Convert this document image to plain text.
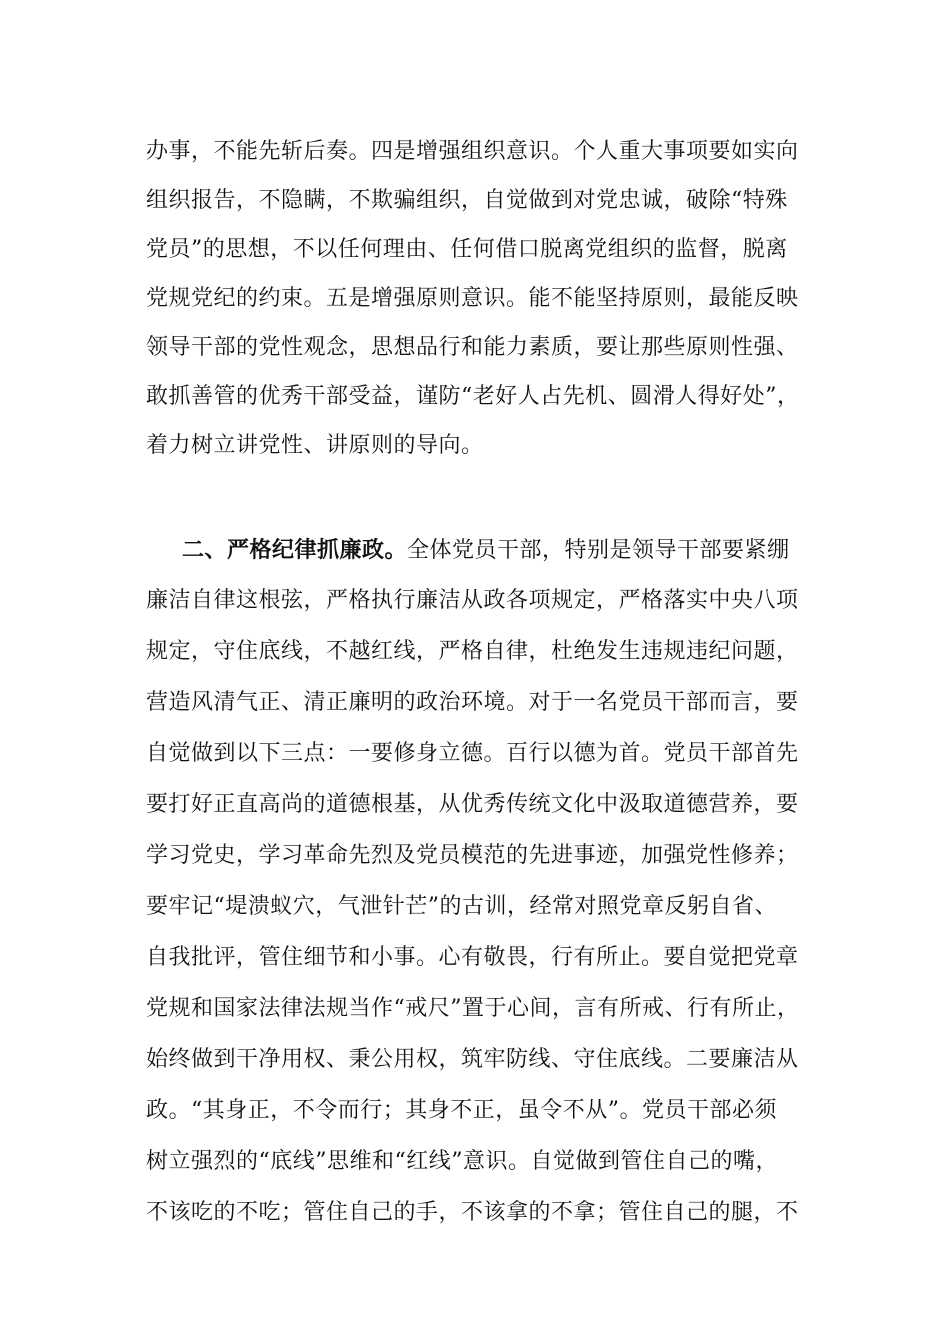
办事，不能先斩后奏。四是增强组织意识。个人重大事项要如实向
组织报告，不隐瞒，不欺骗组织，自觉做到对党忠诚，破除“特殊
党员”的思想，不以任何理由、任何借口脱离党组织的监督，脱离
党规党纪的约束。五是增强原则意识。能不能坚持原则，最能反映
领导干部的党性观念，思想品行和能力素质，要让那些原则性强、
敢抓善管的优秀干部受益，谨防“老好人占先机、圆滑人得好处”，
着力树立讲党性、讲原则的导向。
二、严格纪律抓廉政。全体党员干部，特别是领导干部要紧绷
廉洁自律这根弦，严格执行廉洁从政各项规定，严格落实中央八项
规定，守住底线，不越红线，严格自律，杜绝发生违规违纪问题，
营造风清气正、清正廉明的政治环境。对于一名党员干部而言，要
自觉做到以下三点：一要修身立德。百行以德为首。党员干部首先
要打好正直高尚的道德根基，从优秀传统文化中汲取道德营养，要
学习党史，学习革命先烈及党员模范的先进事迹，加强党性修养；
要牢记“堤溃蚁穴，气泄针芒”的古训，经常对照党章反躬自省、
自我批评，管住细节和小事。心有敬畏，行有所止。要自觉把党章
党规和国家法律法规当作“戒尺”置于心间，言有所戒、行有所止，
始终做到干净用权、秉公用权，筑牢防线、守住底线。二要廉洁从
政。“其身正，不令而行；其身不正，虽令不从”。党员干部必须
树立强烈的“底线”思维和“红线”意识。自觉做到管住自己的嘴，
不该吃的不吃；管住自己的手，不该拿的不拿；管住自己的腿，不
